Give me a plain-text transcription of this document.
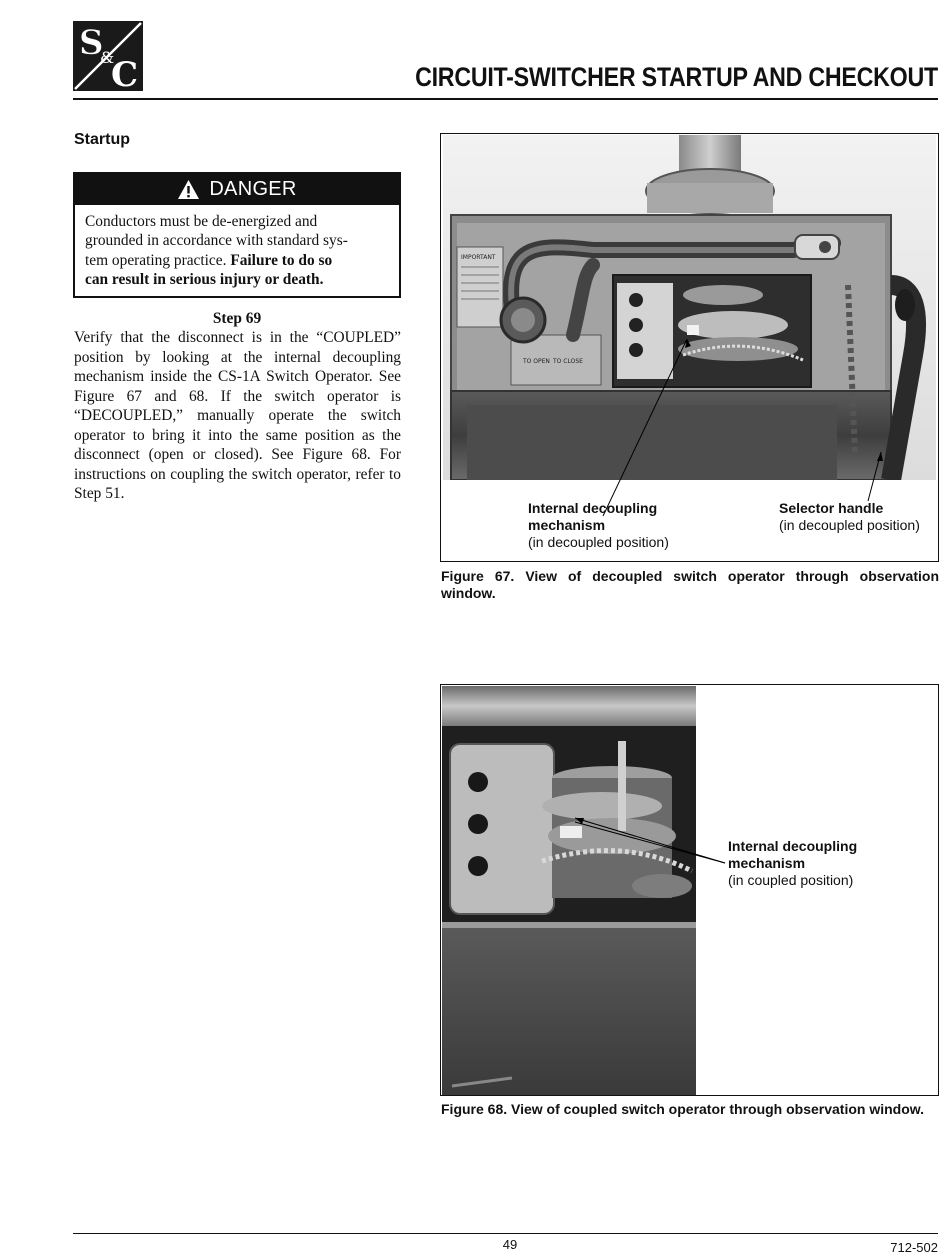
S
&
C	CIRCUIT-SWITCHER STARTUP AND CHECKOUT
Startup
DANGER
Conductors must be de-energized and
grounded in accordance with standard sys-
tem operating practice. Failure to do so
can result in serious injury or death.
Step 69
Verify that the disconnect is in the “COUPLED” position by looking at the internal decoupling mechanism inside the CS-1A Switch Operator. See Figure 67 and 68. If the switch operator is “DECOUPLED,” manually operate the switch operator to bring it into the same position as the disconnect (open or closed). See Figure 68. For instructions on coupling the switch operator, refer to Step 51.
IMPORTANT
TO OPEN TO CLOSE
Internal decoupling
mechanism
(in decoupled position)
Selector handle
(in decoupled position)
Figure 67. View of decoupled switch operator through observation window.
Internal decoupling
mechanism
(in coupled position)
Figure 68. View of coupled switch operator through observation window.
49	712-502
